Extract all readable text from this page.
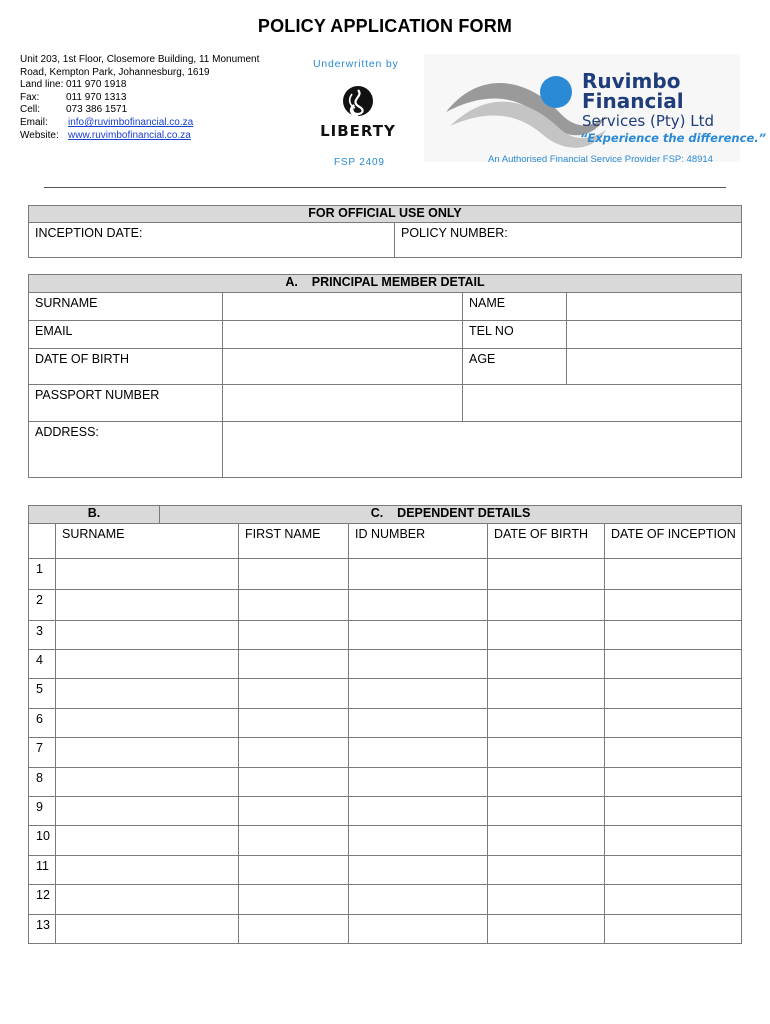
POLICY APPLICATION FORM
Unit 203, 1st Floor, Closemore Building, 11 Monument
Road, Kempton Park, Johannesburg, 1619
Land line: 011 970 1918
Fax:	011 970 1313
Cell:	073 386 1571
Email: info@ruvimbofinancial.co.za
Website: www.ruvimbofinancial.co.za
Underwritten by
LIBERTY
FSP 2409
Ruvimbo
Financial
Services (Pty) Ltd
“Experience the difference.”
An Authorised Financial Service Provider FSP: 48914
FOR OFFICIAL USE ONLY
INCEPTION DATE:	POLICY NUMBER:
A. PRINCIPAL MEMBER DETAIL			
SURNAME		NAME	
EMAIL		TEL NO	
DATE OF BIRTH		AGE	
PASSPORT NUMBER			
ADDRESS:			
B.		C. DEPENDENT DETAILS				
	SURNAME		FIRST NAME	ID NUMBER	DATE OF BIRTH	DATE OF INCEPTION
1						
2						
3						
4						
5						
6						
7						
8						
9						
10						
11						
12						
13						
